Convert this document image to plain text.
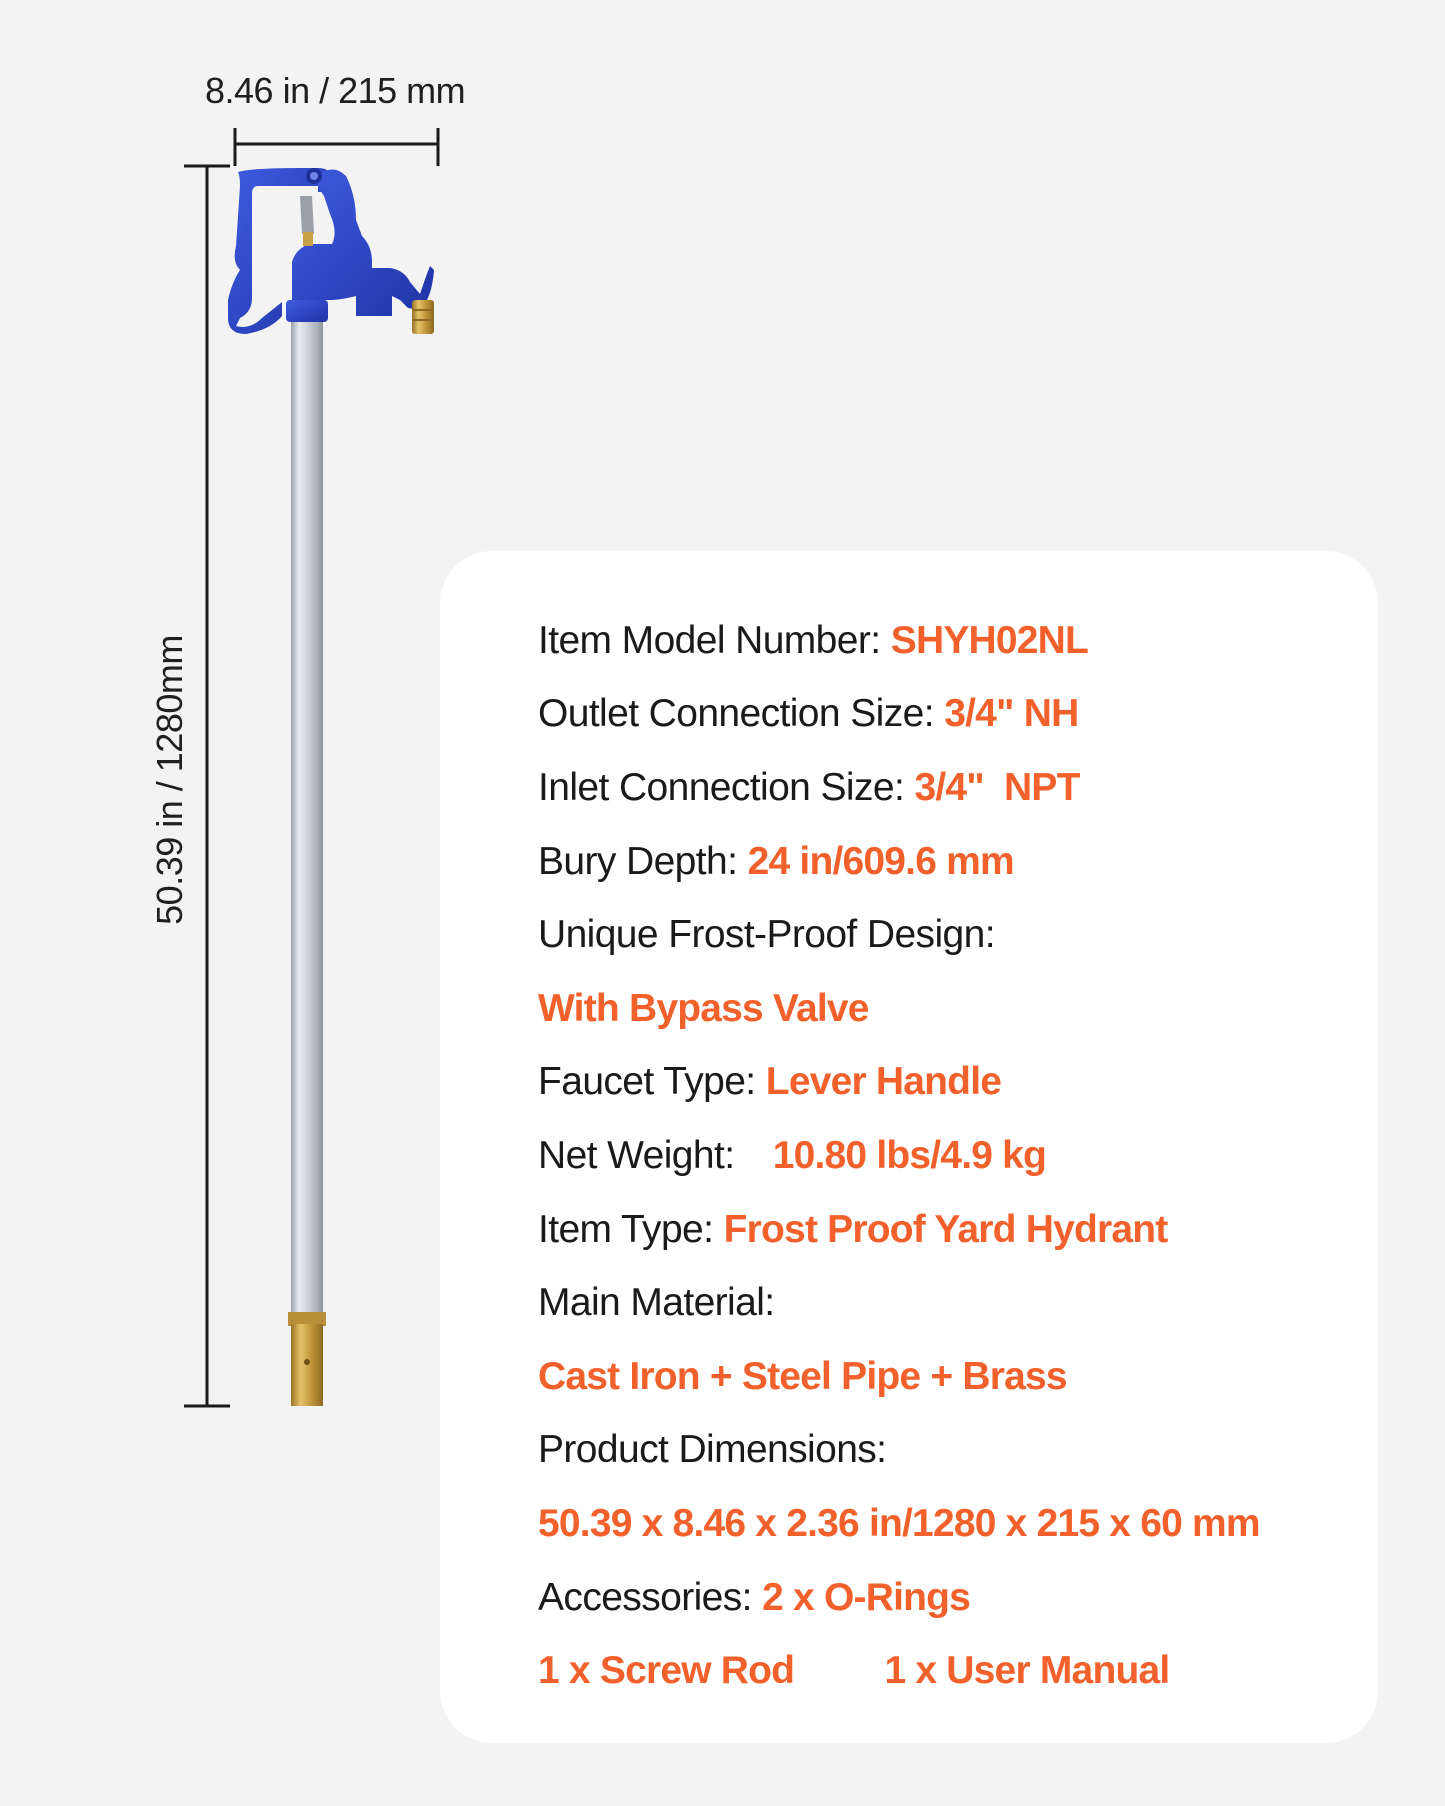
8.46 in / 215 mm
50.39 in / 1280mm	Item Model Number: SHYH02NL
Outlet Connection Size: 3/4" NH
Inlet Connection Size: 3/4"  NPT
Bury Depth: 24 in/609.6 mm
Unique Frost-Proof Design:
With Bypass Valve
Faucet Type: Lever Handle
Net Weight: 10.80 lbs/4.9 kg
Item Type: Frost Proof Yard Hydrant
Main Material:
Cast Iron + Steel Pipe + Brass
Product Dimensions:
50.39 x 8.46 x 2.36 in/1280 x 215 x 60 mm
Accessories: 2 x O-Rings
1 x Screw Rod 1 x User Manual
